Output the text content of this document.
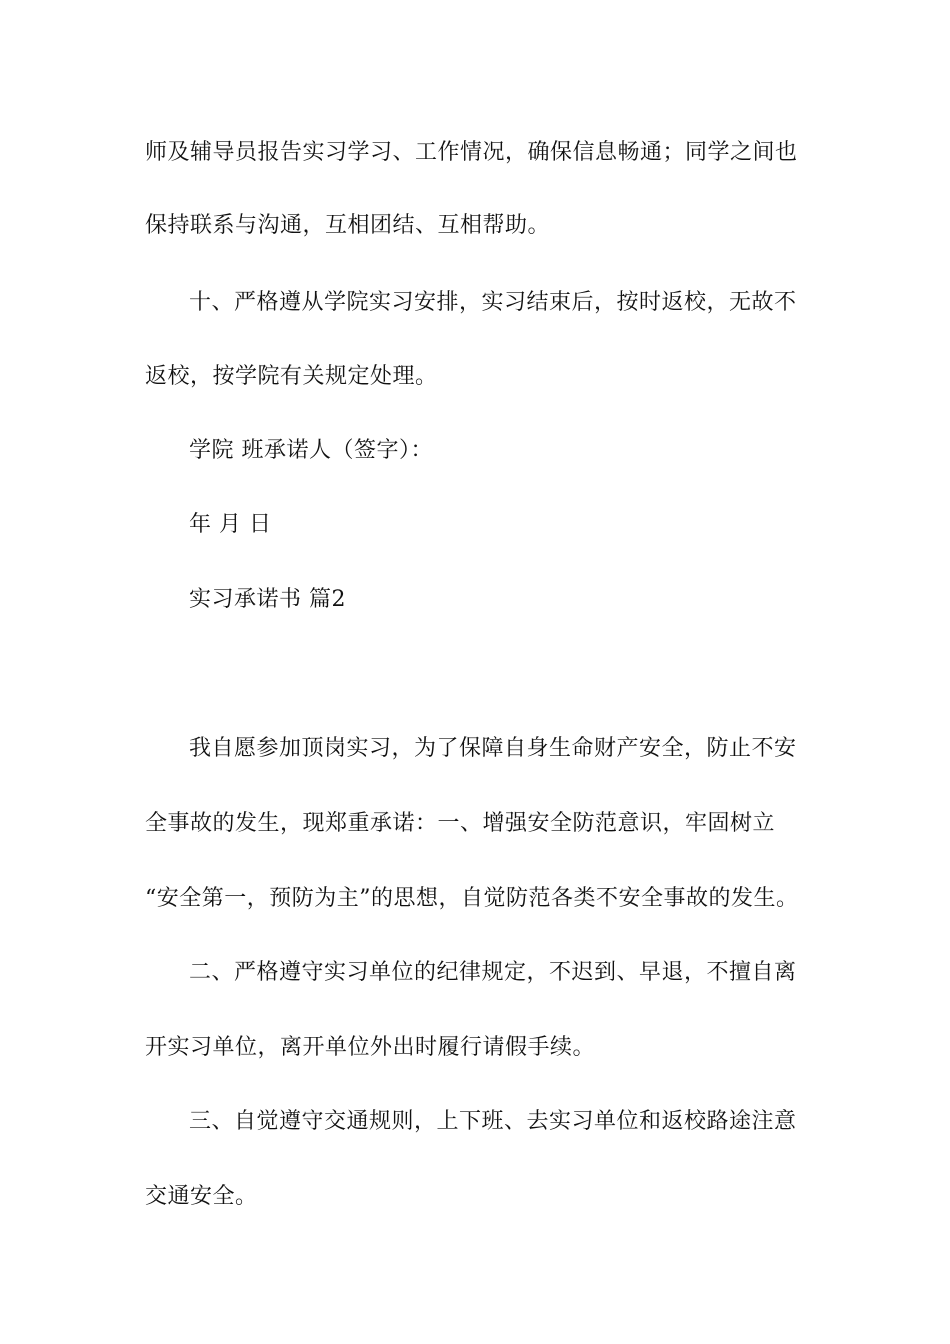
师及辅导员报告实习学习、工作情况，确保信息畅通；同学之间也
保持联系与沟通，互相团结、互相帮助。
十、严格遵从学院实习安排，实习结束后，按时返校，无故不
返校，按学院有关规定处理。
学院 班承诺人（签字）：
年 月 日
实习承诺书 篇2
我自愿参加顶岗实习，为了保障自身生命财产安全，防止不安
全事故的发生，现郑重承诺：一、增强安全防范意识，牢固树立
“安全第一，预防为主”的思想，自觉防范各类不安全事故的发生。
二、严格遵守实习单位的纪律规定，不迟到、早退，不擅自离
开实习单位，离开单位外出时履行请假手续。
三、自觉遵守交通规则，上下班、去实习单位和返校路途注意
交通安全。
